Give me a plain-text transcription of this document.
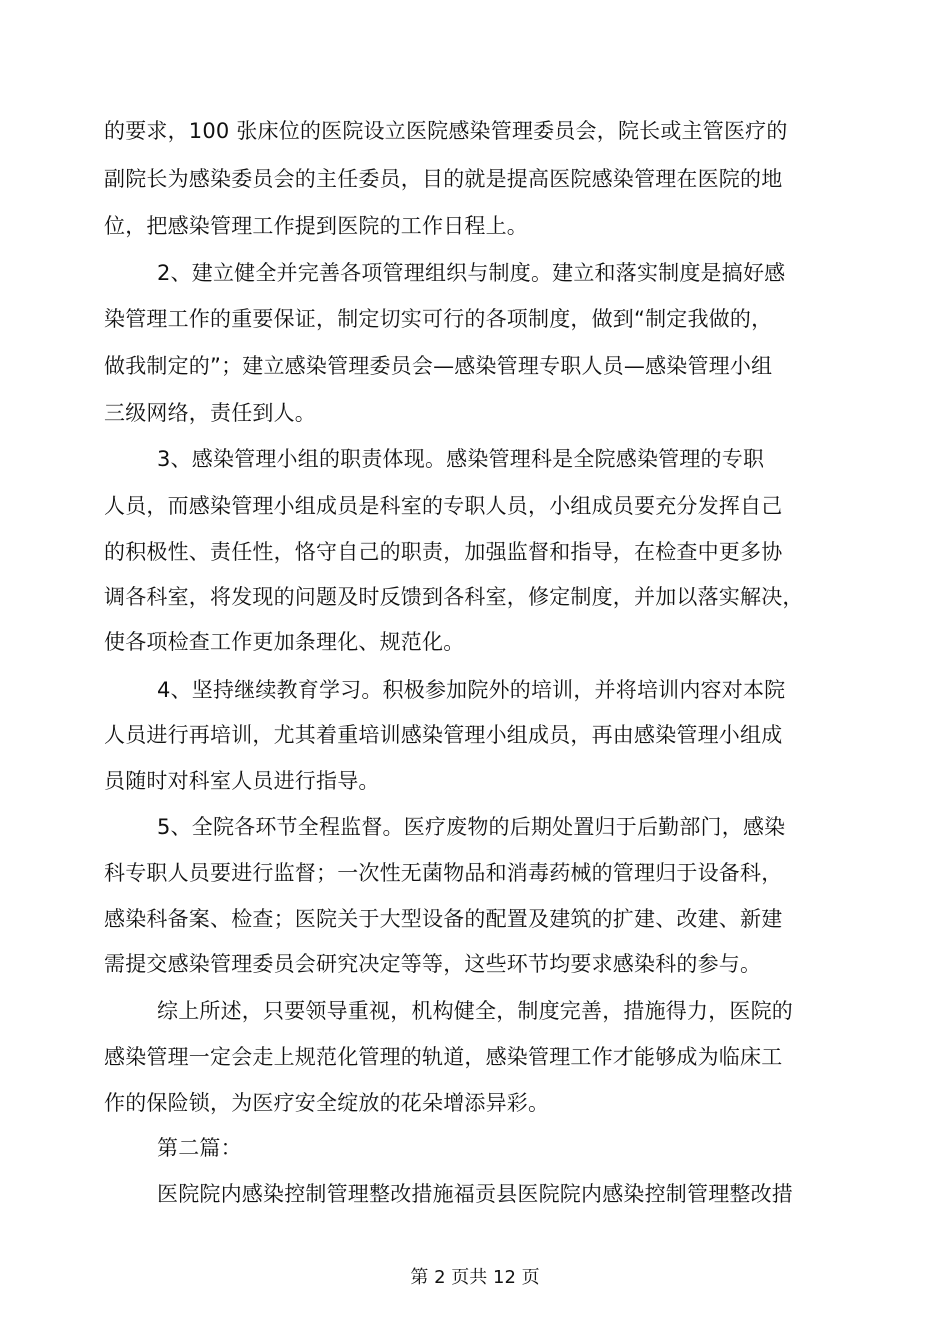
的要求，100 张床位的医院设立医院感染管理委员会，院长或主管医疗的
副院长为感染委员会的主任委员，目的就是提高医院感染管理在医院的地
位，把感染管理工作提到医院的工作日程上。
2、建立健全并完善各项管理组织与制度。建立和落实制度是搞好感
染管理工作的重要保证，制定切实可行的各项制度，做到“制定我做的，
做我制定的”；建立感染管理委员会—感染管理专职人员—感染管理小组
三级网络，责任到人。
3、感染管理小组的职责体现。感染管理科是全院感染管理的专职
人员，而感染管理小组成员是科室的专职人员，小组成员要充分发挥自己
的积极性、责任性，恪守自己的职责，加强监督和指导，在检查中更多协
调各科室，将发现的问题及时反馈到各科室，修定制度，并加以落实解决，
使各项检查工作更加条理化、规范化。
4、坚持继续教育学习。积极参加院外的培训，并将培训内容对本院
人员进行再培训，尤其着重培训感染管理小组成员，再由感染管理小组成
员随时对科室人员进行指导。
5、全院各环节全程监督。医疗废物的后期处置归于后勤部门，感染
科专职人员要进行监督；一次性无菌物品和消毒药械的管理归于设备科，
感染科备案、检查；医院关于大型设备的配置及建筑的扩建、改建、新建
需提交感染管理委员会研究决定等等，这些环节均要求感染科的参与。
综上所述，只要领导重视，机构健全，制度完善，措施得力，医院的
感染管理一定会走上规范化管理的轨道，感染管理工作才能够成为临床工
作的保险锁，为医疗安全绽放的花朵增添异彩。
第二篇：
医院院内感染控制管理整改措施福贡县医院院内感染控制管理整改措
第 2 页共 12 页
